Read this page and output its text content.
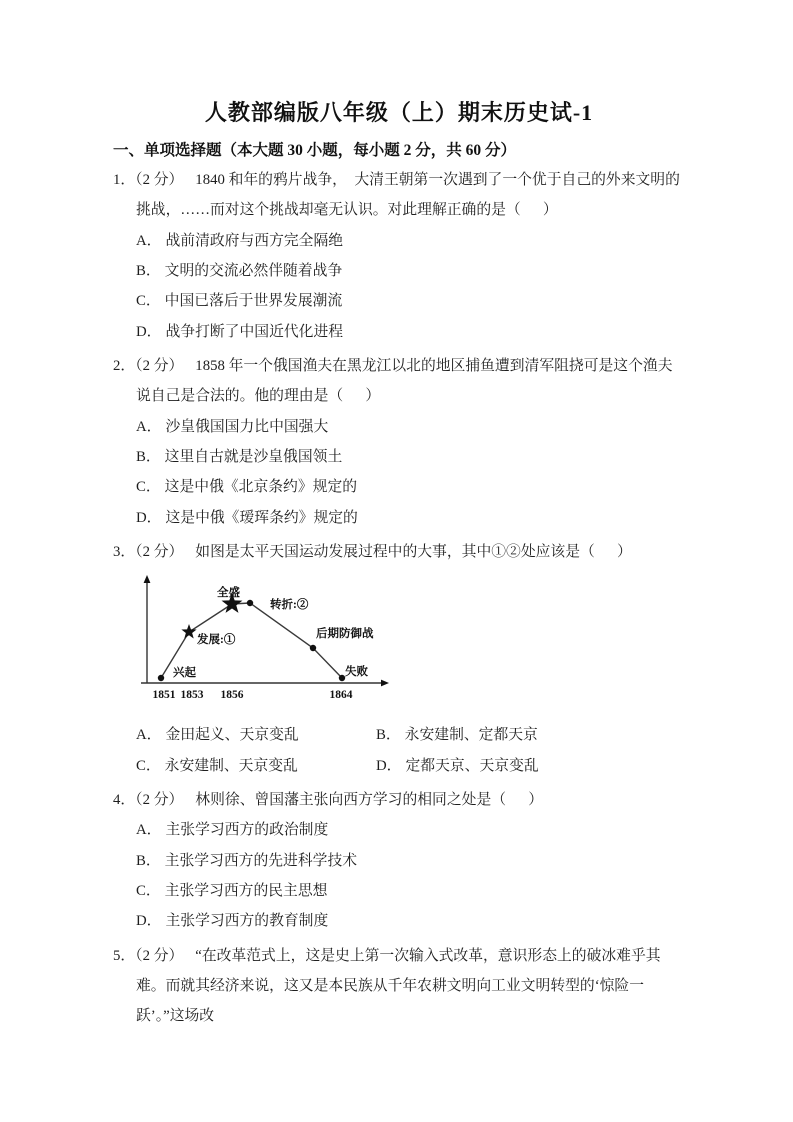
人教部编版八年级（上）期末历史试-1
一、单项选择题（本大题 30 小题，每小题 2 分，共 60 分）

1．（2 分） 1840 和年的鸦片战争，  大清王朝第一次遇到了一个优于自己的外来文明的挑战，……而对这个挑战却毫无认识。对此理解正确的是（      ）

A． 战前清政府与西方完全隔绝

B． 文明的交流必然伴随着战争

C． 中国已落后于世界发展潮流

D． 战争打断了中国近代化进程

2．（2 分） 1858 年一个俄国渔夫在黑龙江以北的地区捕鱼遭到清军阻挠可是这个渔夫说自己是合法的。他的理由是（      ）

A． 沙皇俄国国力比中国强大

B． 这里自古就是沙皇俄国领土

C． 这是中俄《北京条约》规定的

D． 这是中俄《瑷珲条约》规定的

3．（2 分） 如图是太平天国运动发展过程中的大事，其中①②处应该是（      ）

兴起
发展:①
全盛
转折:②
后期防御战
失败
1851 1853 1856	1864

A． 金田起义、天京变乱	B． 永安建制、定都天京

C． 永安建制、天京变乱	D． 定都天京、天京变乱

4．（2 分） 林则徐、曾国藩主张向西方学习的相同之处是（      ）

A． 主张学习西方的政治制度

B． 主张学习西方的先进科学技术

C． 主张学习西方的民主思想

D． 主张学习西方的教育制度

5．（2 分） “在改革范式上，这是史上第一次输入式改革，意识形态上的破冰难乎其难。而就其经济来说，这又是本民族从千年农耕文明向工业文明转型的‘惊险一跃’。”这场改
